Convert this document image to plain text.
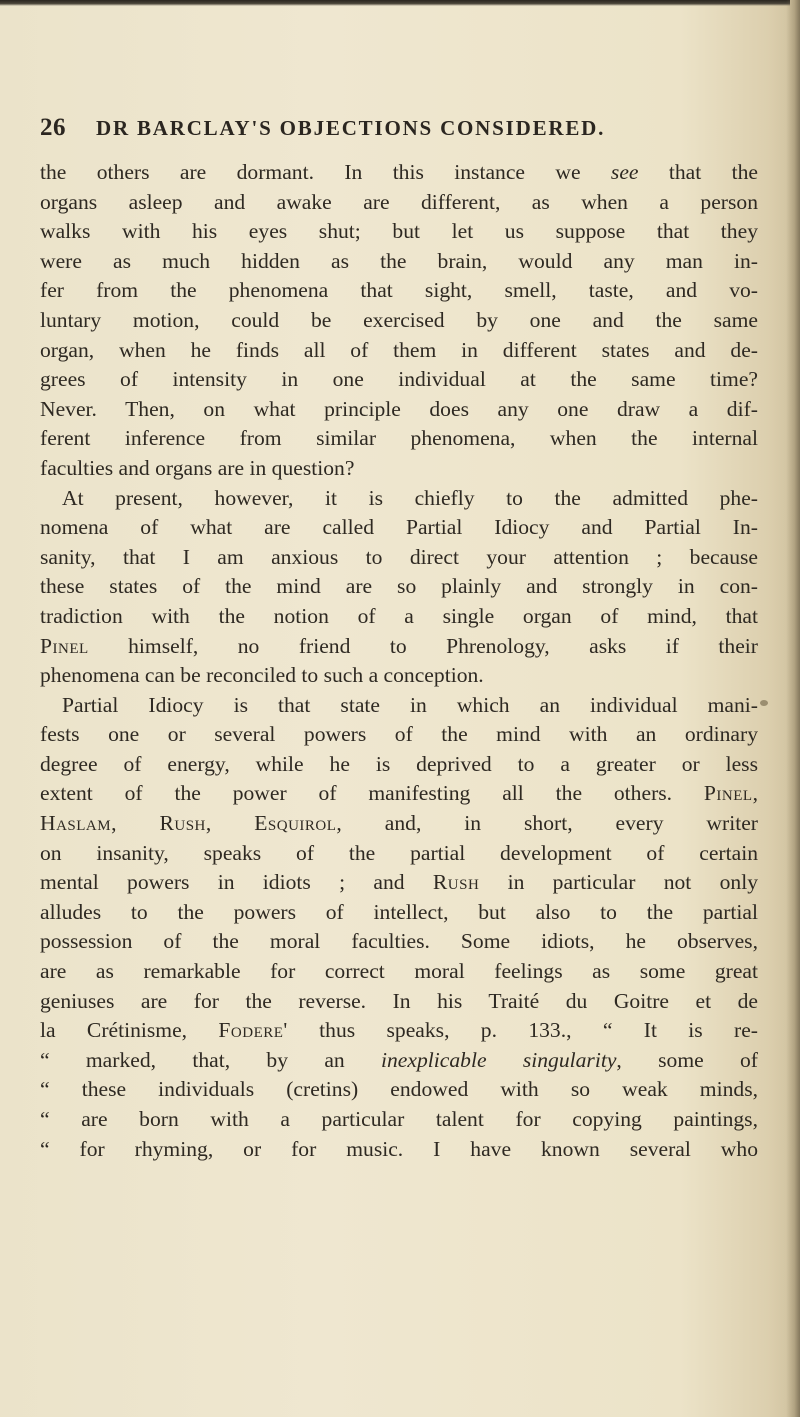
26 DR BARCLAY'S OBJECTIONS CONSIDERED.
the others are dormant. In this instance we see that the
organs asleep and awake are different, as when a person
walks with his eyes shut; but let us suppose that they
were as much hidden as the brain, would any man in-
fer from the phenomena that sight, smell, taste, and vo-
luntary motion, could be exercised by one and the same
organ, when he finds all of them in different states and de-
grees of intensity in one individual at the same time?
Never. Then, on what principle does any one draw a dif-
ferent inference from similar phenomena, when the internal
faculties and organs are in question?
At present, however, it is chiefly to the admitted phe-
nomena of what are called Partial Idiocy and Partial In-
sanity, that I am anxious to direct your attention ; because
these states of the mind are so plainly and strongly in con-
tradiction with the notion of a single organ of mind, that
Pinel himself, no friend to Phrenology, asks if their
phenomena can be reconciled to such a conception.
Partial Idiocy is that state in which an individual mani-
fests one or several powers of the mind with an ordinary
degree of energy, while he is deprived to a greater or less
extent of the power of manifesting all the others. Pinel,
Haslam, Rush, Esquirol, and, in short, every writer
on insanity, speaks of the partial development of certain
mental powers in idiots ; and Rush in particular not only
alludes to the powers of intellect, but also to the partial
possession of the moral faculties. Some idiots, he observes,
are as remarkable for correct moral feelings as some great
geniuses are for the reverse. In his Traité du Goitre et de
la Crétinisme, Fodere' thus speaks, p. 133., “ It is re-
“ marked, that, by an inexplicable singularity, some of
“ these individuals (cretins) endowed with so weak minds,
“ are born with a particular talent for copying paintings,
“ for rhyming, or for music. I have known several who
